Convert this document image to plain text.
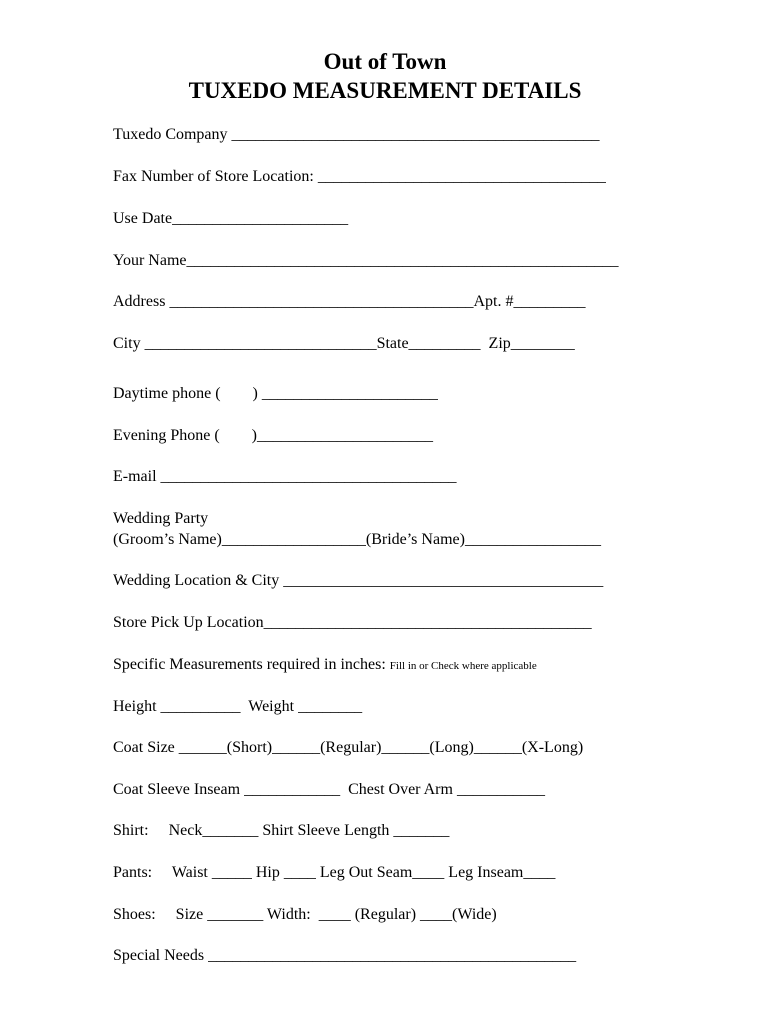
Out of Town
TUXEDO MEASUREMENT DETAILS
Tuxedo Company ______________________________________________
Fax Number of Store Location: ____________________________________
Use Date______________________
Your Name______________________________________________________
Address ______________________________________Apt. #_________
City _____________________________State_________  Zip________
Daytime phone (        ) ______________________
Evening Phone (        )______________________
E-mail _____________________________________
Wedding Party
(Groom’s Name)__________________(Bride’s Name)_________________
Wedding Location & City ________________________________________
Store Pick Up Location_________________________________________
Specific Measurements required in inches: Fill in or Check where applicable
Height __________  Weight ________
Coat Size ______(Short)______(Regular)______(Long)______(X-Long)
Coat Sleeve Inseam ____________  Chest Over Arm ___________
Shirt:     Neck_______ Shirt Sleeve Length _______
Pants:     Waist _____ Hip ____ Leg Out Seam____ Leg Inseam____
Shoes:     Size _______ Width:  ____ (Regular) ____(Wide)
Special Needs ______________________________________________
